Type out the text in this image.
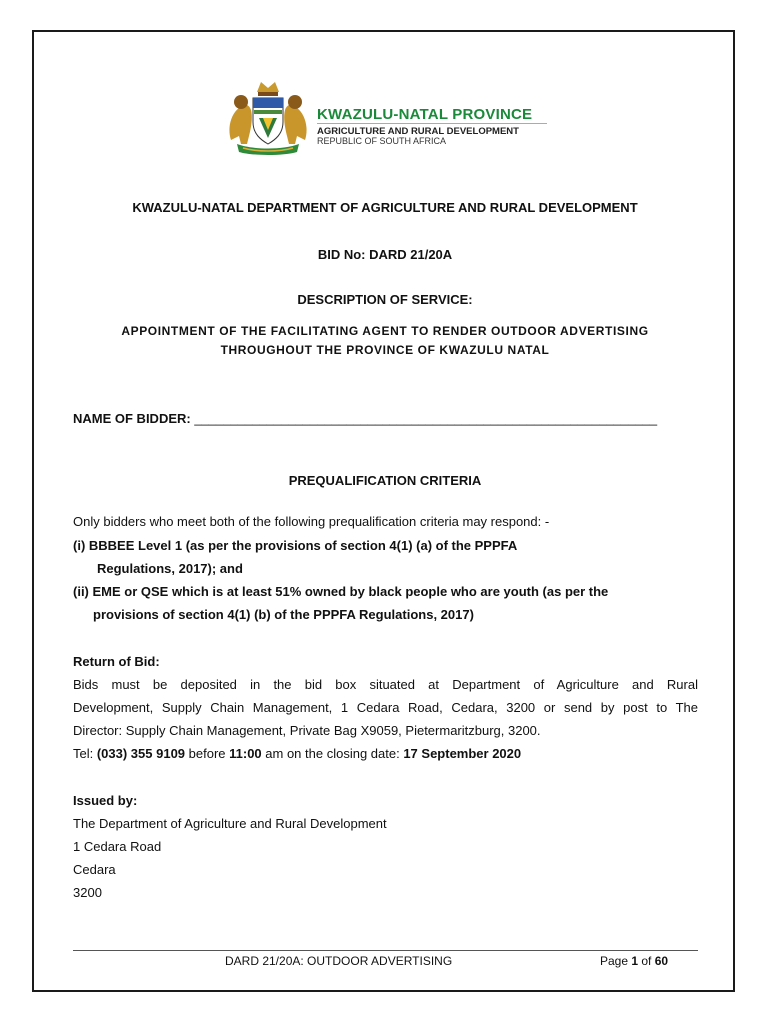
KWAZULU-NATAL PROVINCE
AGRICULTURE AND RURAL DEVELOPMENT
REPUBLIC OF SOUTH AFRICA
KWAZULU-NATAL DEPARTMENT OF AGRICULTURE AND RURAL DEVELOPMENT
BID No: DARD 21/20A
DESCRIPTION OF SERVICE:
APPOINTMENT OF THE FACILITATING AGENT TO RENDER OUTDOOR ADVERTISING
THROUGHOUT THE PROVINCE OF KWAZULU NATAL
NAME OF BIDDER: ________________________________________________________________
PREQUALIFICATION CRITERIA
Only bidders who meet both of the following prequalification criteria may respond: -
(i) BBBEE Level 1 (as per the provisions of section 4(1) (a) of the PPPFA
Regulations, 2017); and
(ii) EME or QSE which is at least 51% owned by black people who are youth (as per the
provisions of section 4(1) (b) of the PPPFA Regulations, 2017)
Return of Bid:
Bids must be deposited in the bid box situated at Department of Agriculture and Rural
Development, Supply Chain Management, 1 Cedara Road, Cedara, 3200 or send by post to The
Director: Supply Chain Management, Private Bag X9059, Pietermaritzburg, 3200.
Tel: (033) 355 9109 before 11:00 am on the closing date: 17 September 2020
Issued by:
The Department of Agriculture and Rural Development
1 Cedara Road
Cedara
3200
DARD 21/20A: OUTDOOR ADVERTISING	Page 1 of 60
